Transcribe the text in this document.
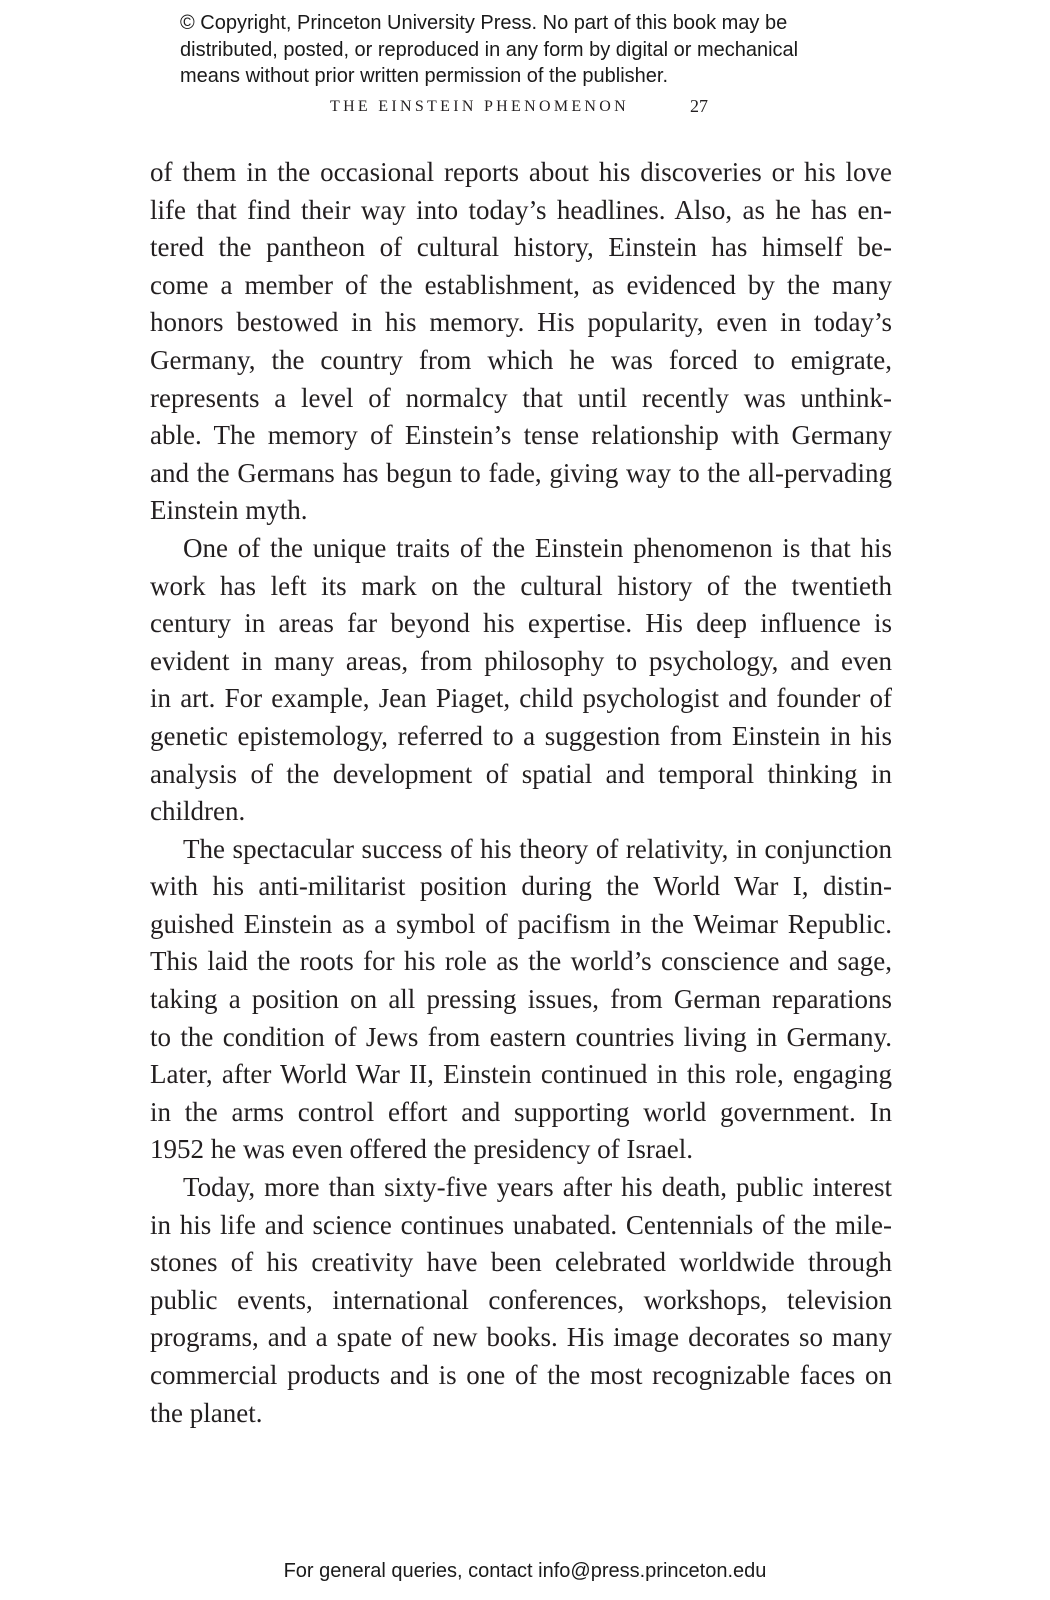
© Copyright, Princeton University Press. No part of this book may be
distributed, posted, or reproduced in any form by digital or mechanical
means without prior written permission of the publisher.
THE EINSTEIN PHENOMENON	27
of them in the occasional reports about his discoveries or his love
life that find their way into today’s headlines. Also, as he has en-
tered the pantheon of cultural history, Einstein has himself be-
come a member of the establishment, as evidenced by the many
honors bestowed in his memory. His popularity, even in today’s
Germany, the country from which he was forced to emigrate,
represents a level of normalcy that until recently was unthink-
able. The memory of Einstein’s tense relationship with Germany
and the Germans has begun to fade, giving way to the all-pervading
Einstein myth.
One of the unique traits of the Einstein phenomenon is that his
work has left its mark on the cultural history of the twentieth
century in areas far beyond his expertise. His deep influence is
evident in many areas, from philosophy to psychology, and even
in art. For example, Jean Piaget, child psychologist and founder of
genetic epistemology, referred to a suggestion from Einstein in his
analysis of the development of spatial and temporal thinking in
children.
The spectacular success of his theory of relativity, in conjunction
with his anti-militarist position during the World War I, distin-
guished Einstein as a symbol of pacifism in the Weimar Republic.
This laid the roots for his role as the world’s conscience and sage,
taking a position on all pressing issues, from German reparations
to the condition of Jews from eastern countries living in Germany.
Later, after World War II, Einstein continued in this role, engaging
in the arms control effort and supporting world government. In
1952 he was even offered the presidency of Israel.
Today, more than sixty-five years after his death, public interest
in his life and science continues unabated. Centennials of the mile-
stones of his creativity have been celebrated worldwide through
public events, international conferences, workshops, television
programs, and a spate of new books. His image decorates so many
commercial products and is one of the most recognizable faces on
the planet.
For general queries, contact info@press.princeton.edu
